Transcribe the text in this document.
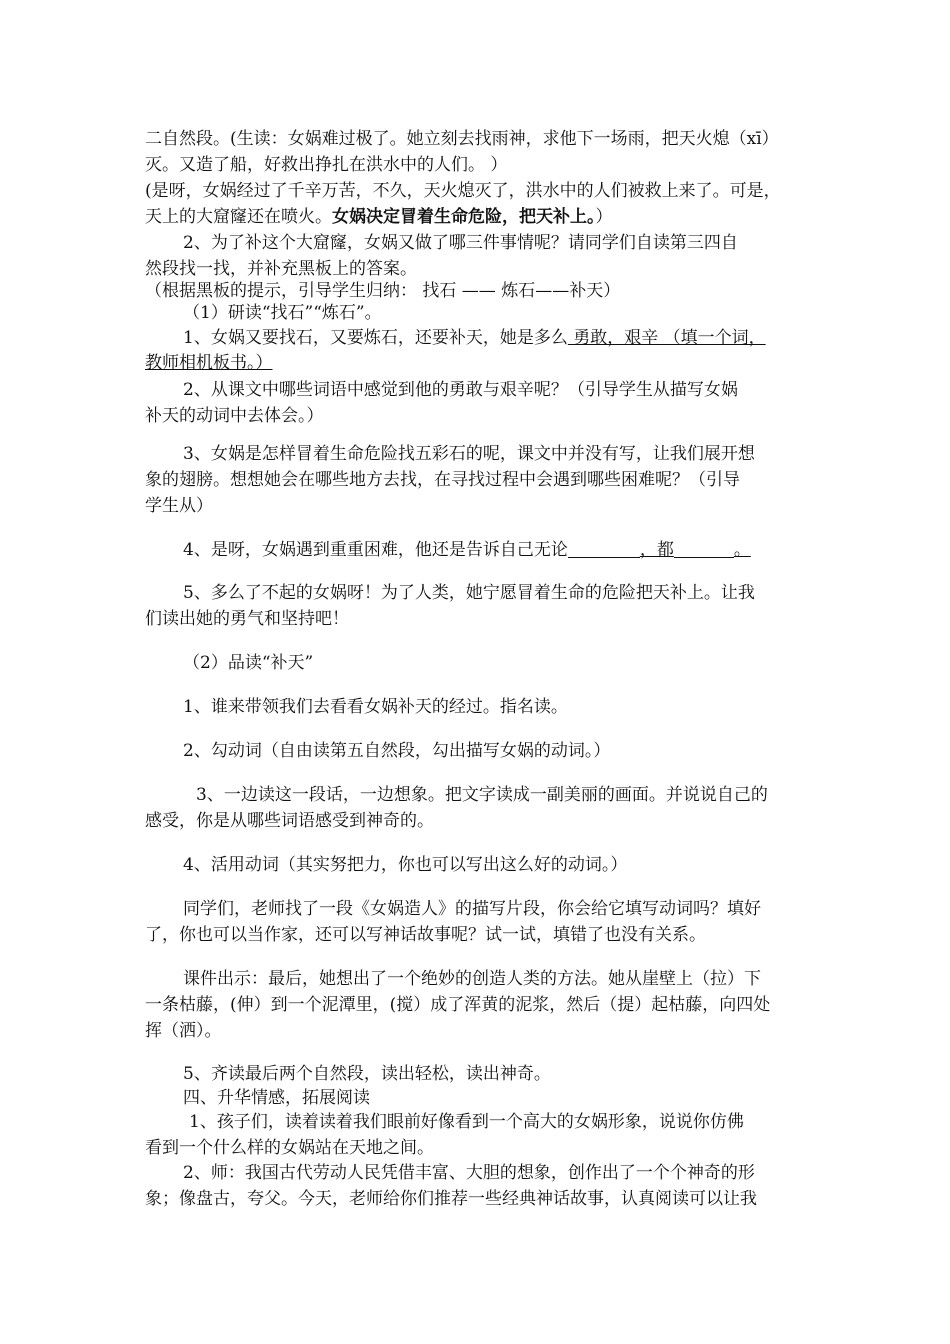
二自然段。(生读：女娲难过极了。她立刻去找雨神，求他下一场雨，把天火熄（xī）

灭。又造了船，好救出挣扎在洪水中的人们。 ）

(是呀，女娲经过了千辛万苦，不久，天火熄灭了，洪水中的人们被救上来了。可是，

天上的大窟窿还在喷火。女娲决定冒着生命危险，把天补上。）

2、为了补这个大窟窿，女娲又做了哪三件事情呢？请同学们自读第三四自

然段找一找，并补充黑板上的答案。

（根据黑板的提示，引导学生归纳： 找石 —— 炼石——补天）

（1）研读“找石”“炼石”。

1、女娲又要找石，又要炼石，还要补天，她是多么 勇敢，艰辛 （填一个词，

教师相机板书。）

2、从课文中哪些词语中感觉到他的勇敢与艰辛呢？（引导学生从描写女娲

补天的动词中去体会。）

3、女娲是怎样冒着生命危险找五彩石的呢，课文中并没有写，让我们展开想

象的翅膀。想想她会在哪些地方去找，在寻找过程中会遇到哪些困难呢？（引导

学生从）

4、是呀，女娲遇到重重困难，他还是告诉自己无论	，都	。

5、多么了不起的女娲呀！为了人类，她宁愿冒着生命的危险把天补上。让我

们读出她的勇气和坚持吧！

（2）品读“补天”

1、谁来带领我们去看看女娲补天的经过。指名读。

2、勾动词（自由读第五自然段，勾出描写女娲的动词。）

3、一边读这一段话，一边想象。把文字读成一副美丽的画面。并说说自己的

感受，你是从哪些词语感受到神奇的。

4、活用动词（其实努把力，你也可以写出这么好的动词。）

同学们，老师找了一段《女娲造人》的描写片段，你会给它填写动词吗？填好

了，你也可以当作家，还可以写神话故事呢？试一试，填错了也没有关系。

课件出示：最后，她想出了一个绝妙的创造人类的方法。她从崖壁上（拉）下

一条枯藤，(伸）到一个泥潭里，(搅）成了浑黄的泥浆，然后（提）起枯藤，向四处

挥（洒）。

5、齐读最后两个自然段，读出轻松，读出神奇。

四、升华情感，拓展阅读

1、孩子们，读着读着我们眼前好像看到一个高大的女娲形象，说说你仿佛

看到一个什么样的女娲站在天地之间。

2、师：我国古代劳动人民凭借丰富、大胆的想象，创作出了一个个神奇的形

象；像盘古，夸父。今天，老师给你们推荐一些经典神话故事，认真阅读可以让我
